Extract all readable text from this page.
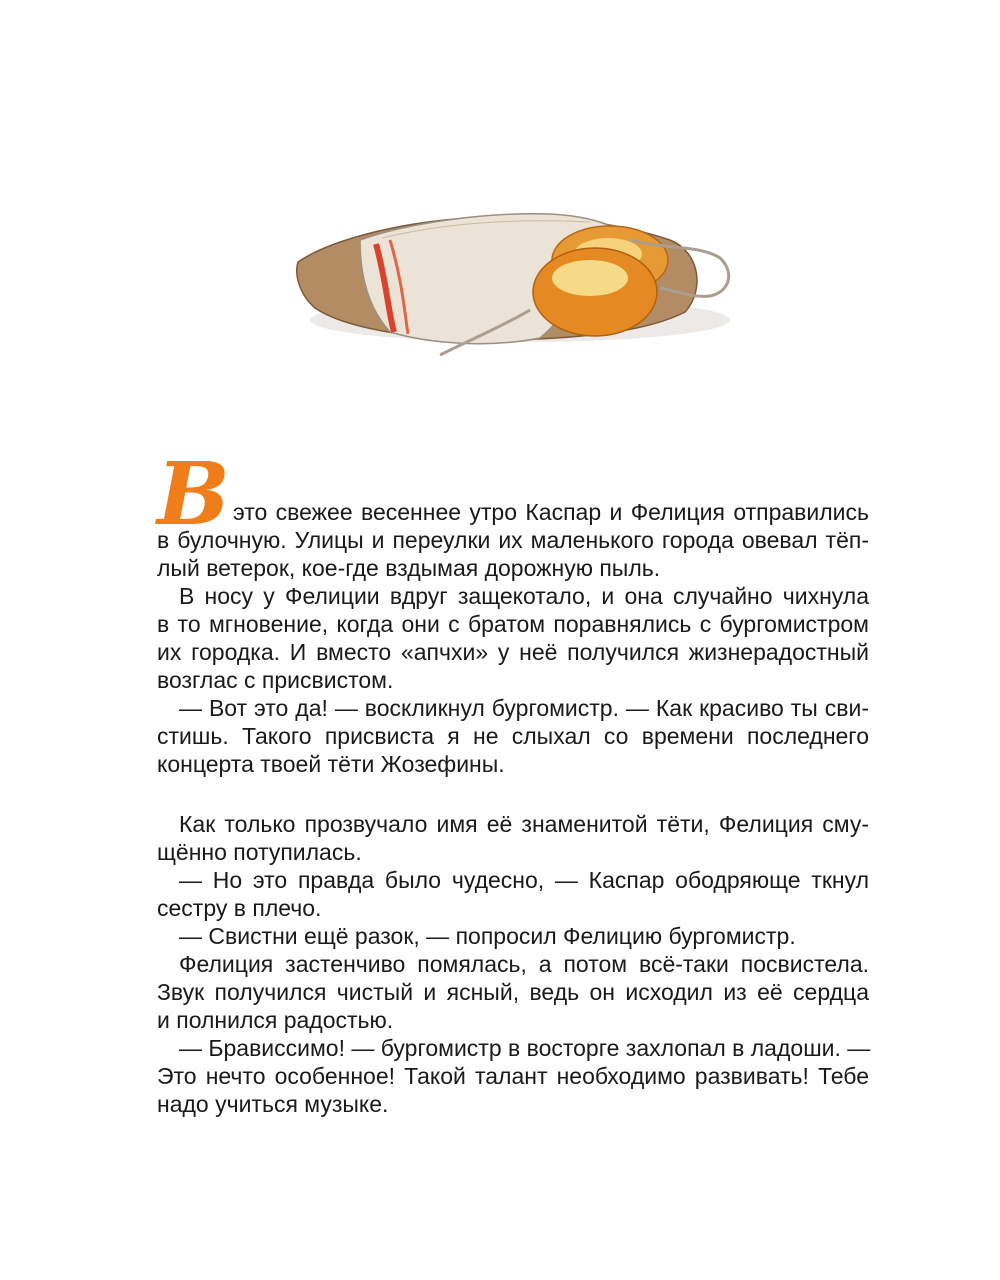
В это свежее весеннее утро Каспар и Фелиция отправились
в булочную. Улицы и переулки их маленького города овевал тёп-
лый ветерок, кое-где вздымая дорожную пыль.
В носу у Фелиции вдруг защекотало, и она случайно чихнула
в то мгновение, когда они с братом поравнялись с бургомистром
их городка. И вместо «апчхи» у неё получился жизнерадостный
возглас с присвистом.
— Вот это да! — воскликнул бургомистр. — Как красиво ты сви-
стишь. Такого присвиста я не слыхал со времени последнего
концерта твоей тёти Жозефины.
Как только прозвучало имя её знаменитой тёти, Фелиция сму-
щённо потупилась.
— Но это правда было чудесно, — Каспар ободряюще ткнул
сестру в плечо.
— Свистни ещё разок, — попросил Фелицию бургомистр.
Фелиция застенчиво помялась, а потом всё-таки посвистела.
Звук получился чистый и ясный, ведь он исходил из её сердца
и полнился радостью.
— Брависсимо! — бургомистр в восторге захлопал в ладоши. —
Это нечто особенное! Такой талант необходимо развивать! Тебе
надо учиться музыке.
